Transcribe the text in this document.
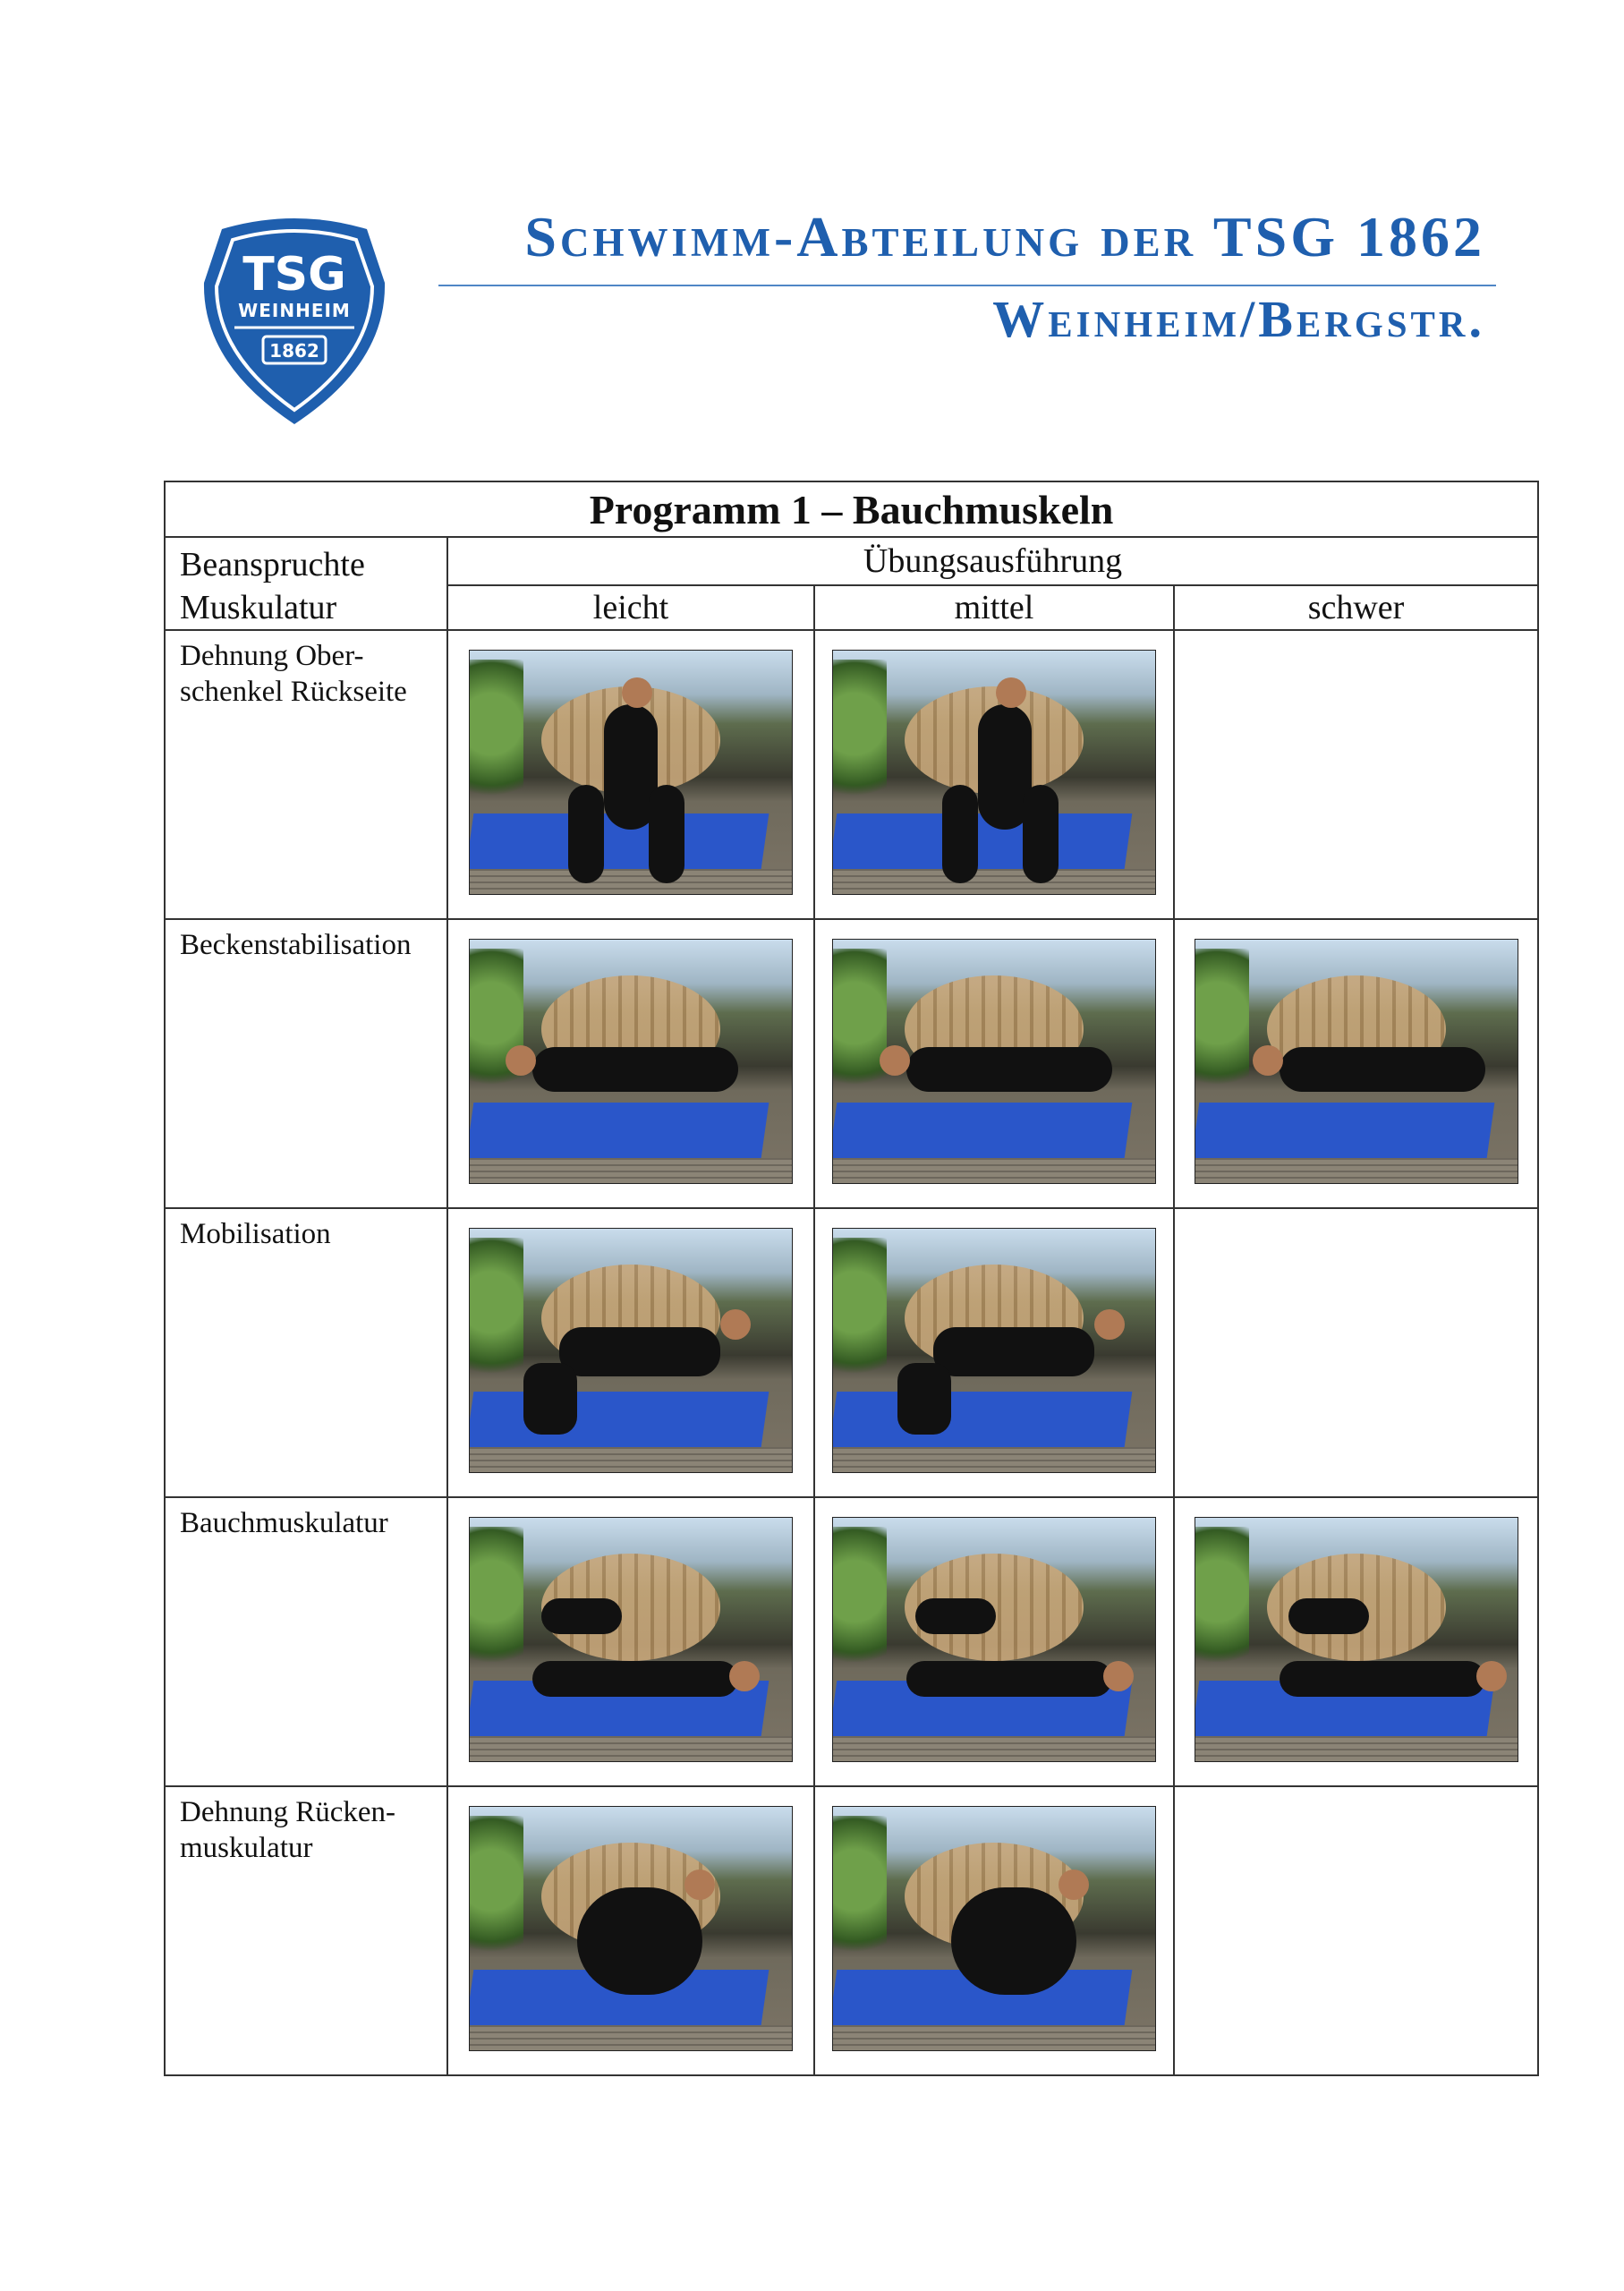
TSG
WEINHEIM
1862
Schwimm-Abteilung der TSG 1862
Weinheim/Bergstr.
Programm 1 – Bauchmuskeln			
Beanspruchte Muskulatur	Übungsausführung		
	leicht	mittel	schwer
Dehnung Ober-schenkel Rückseite	

Beckenstabilisation	

Mobilisation	

Bauchmuskulatur	

Dehnung Rücken-muskulatur	
